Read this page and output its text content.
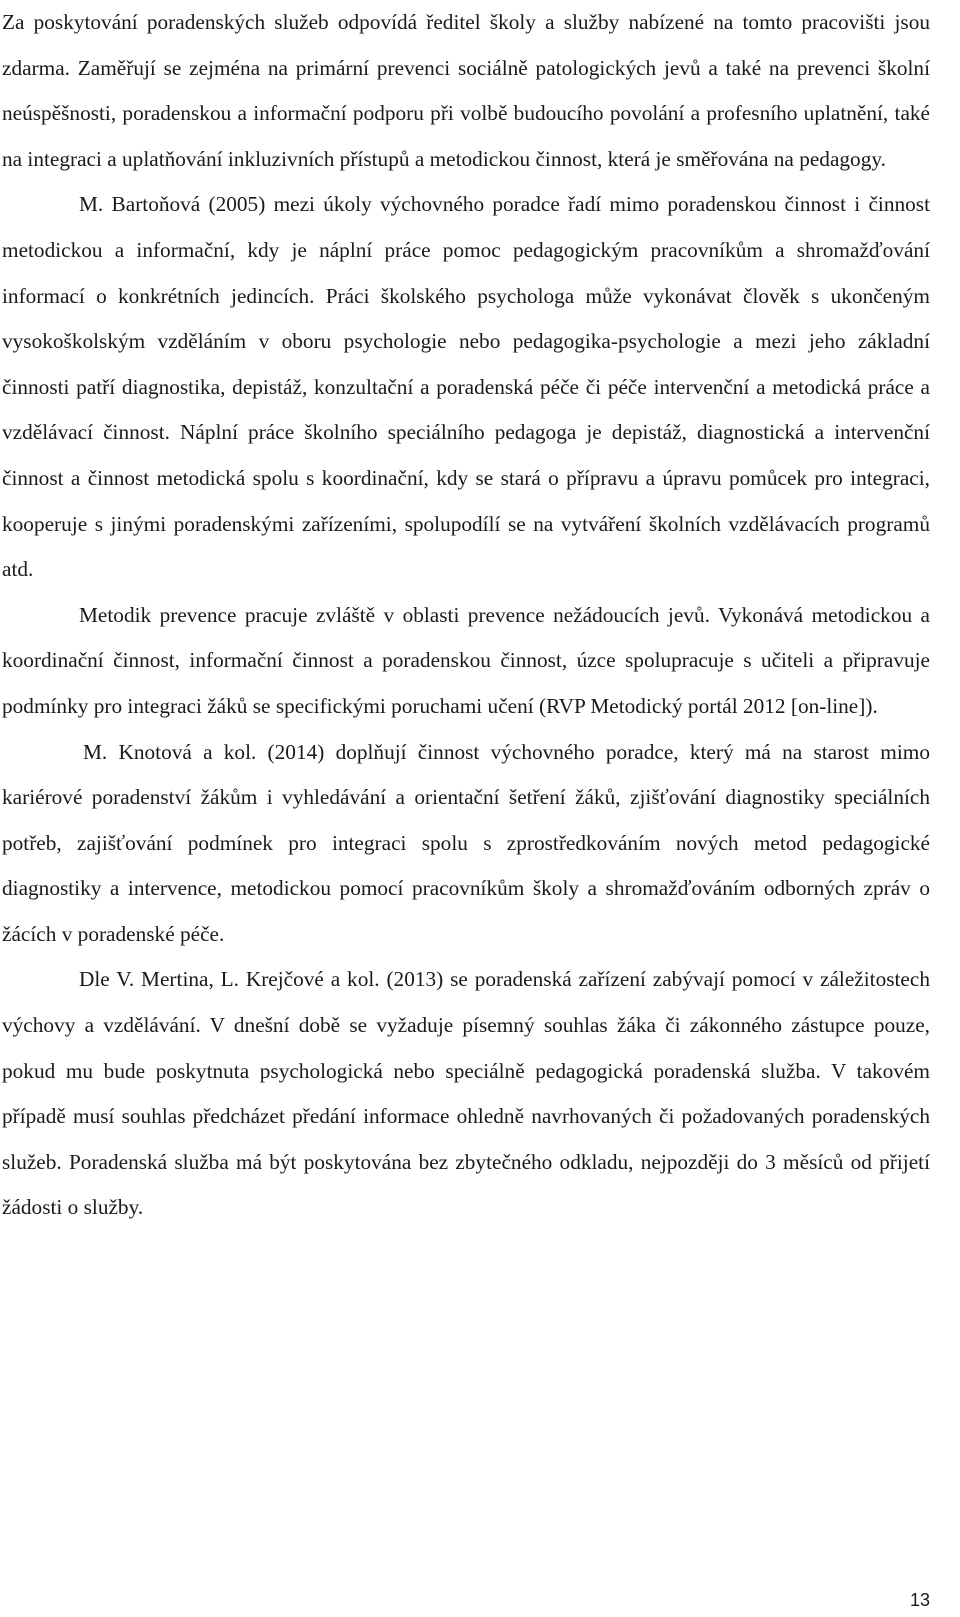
Za poskytování poradenských služeb odpovídá ředitel školy a služby nabízené na tomto pracovišti jsou zdarma. Zaměřují se zejména na primární prevenci sociálně patologických jevů a také na prevenci školní neúspěšnosti, poradenskou a informační podporu při volbě budoucího povolání a profesního uplatnění, také na integraci a uplatňování inkluzivních přístupů a metodickou činnost, která je směřována na pedagogy.

M. Bartoňová (2005) mezi úkoly výchovného poradce řadí mimo poradenskou činnost i činnost metodickou a informační, kdy je náplní práce pomoc pedagogickým pracovníkům a shromažďování informací o konkrétních jedincích. Práci školského psychologa může vykonávat člověk s ukončeným vysokoškolským vzděláním v oboru psychologie nebo pedagogika-psychologie a mezi jeho základní činnosti patří diagnostika, depistáž, konzultační a poradenská péče či péče intervenční a metodická práce a vzdělávací činnost. Náplní práce školního speciálního pedagoga je depistáž, diagnostická a intervenční činnost a činnost metodická spolu s koordinační, kdy se stará o přípravu a úpravu pomůcek pro integraci, kooperuje s jinými poradenskými zařízeními, spolupodílí se na vytváření školních vzdělávacích programů atd.

Metodik prevence pracuje zvláště v oblasti prevence nežádoucích jevů. Vykonává metodickou a koordinační činnost, informační činnost a poradenskou činnost, úzce spolupracuje s učiteli a připravuje podmínky pro integraci žáků se specifickými poruchami učení (RVP Metodický portál 2012 [on-line]).

M. Knotová a kol. (2014) doplňují činnost výchovného poradce, který má na starost mimo kariérové poradenství žákům i vyhledávání a orientační šetření žáků, zjišťování diagnostiky speciálních potřeb, zajišťování podmínek pro integraci spolu s zprostředkováním nových metod pedagogické diagnostiky a intervence, metodickou pomocí pracovníkům školy a shromažďováním odborných zpráv o žácích v poradenské péče.

Dle V. Mertina, L. Krejčové a kol. (2013) se poradenská zařízení zabývají pomocí v záležitostech výchovy a vzdělávání. V dnešní době se vyžaduje písemný souhlas žáka či zákonného zástupce pouze, pokud mu bude poskytnuta psychologická nebo speciálně pedagogická poradenská služba. V takovém případě musí souhlas předcházet předání informace ohledně navrhovaných či požadovaných poradenských služeb. Poradenská služba má být poskytována bez zbytečného odkladu, nejpozději do 3 měsíců od přijetí žádosti o služby.

13
